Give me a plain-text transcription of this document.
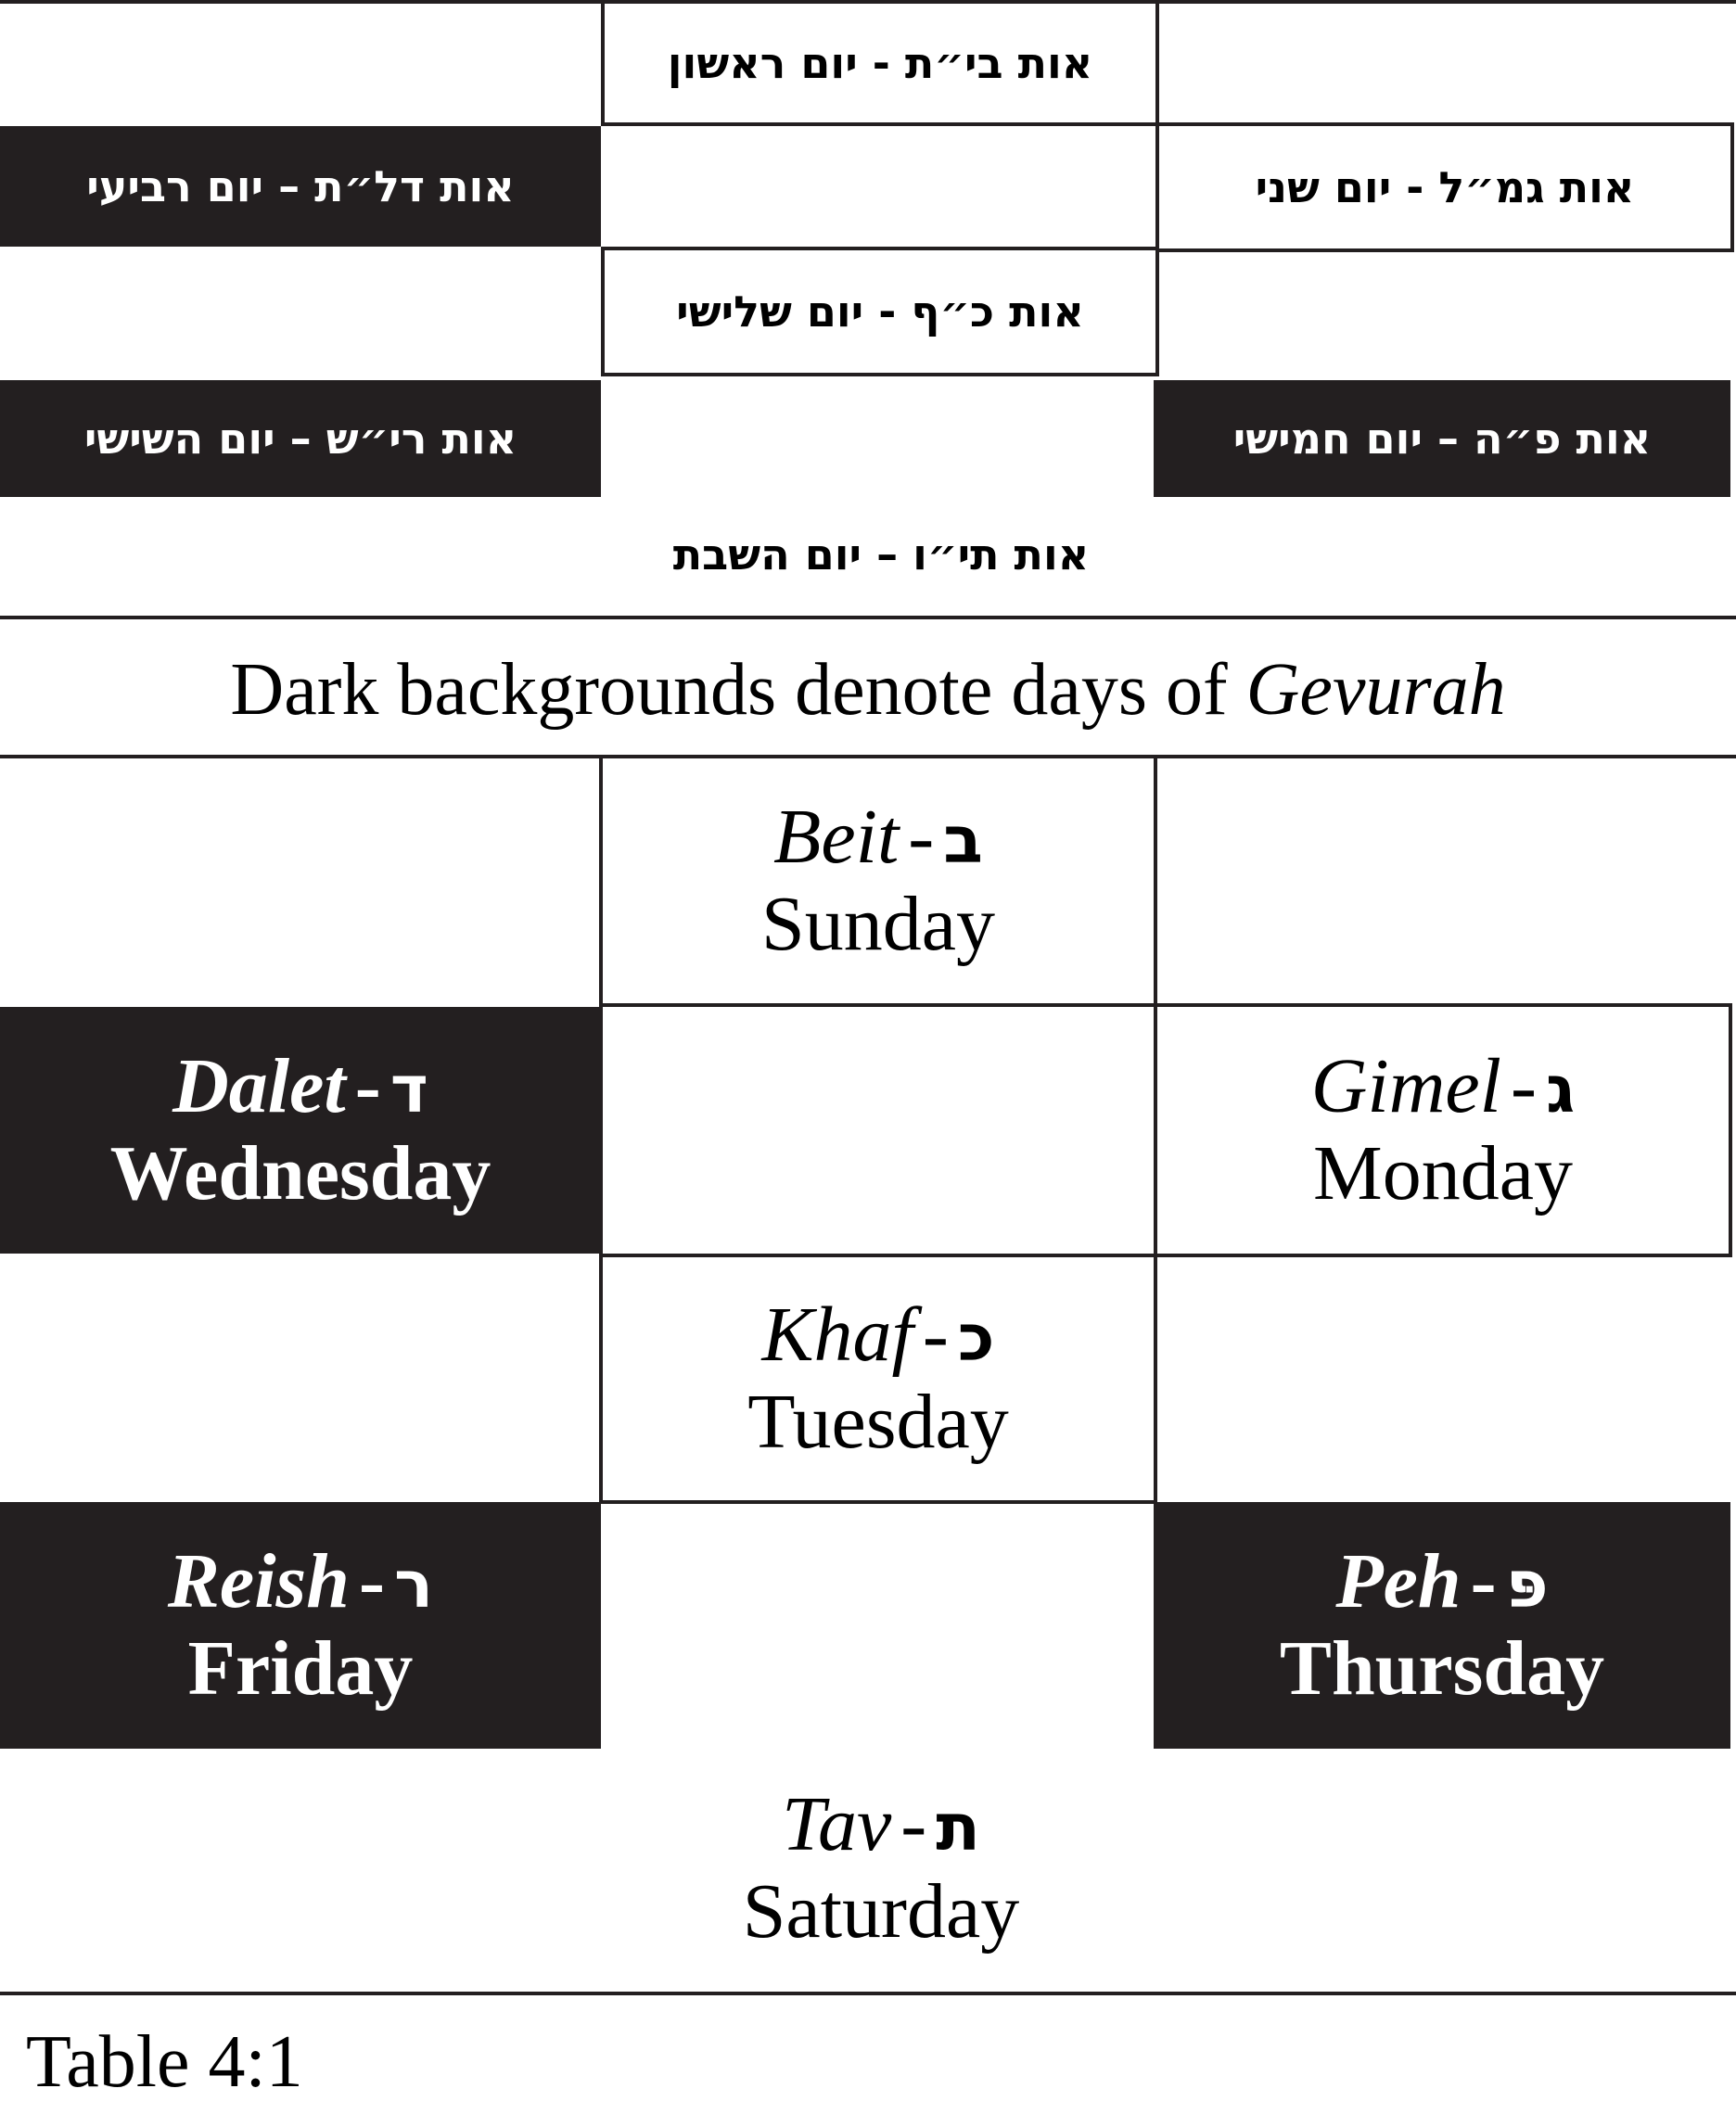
אות בי״ת - יום ראשון
אות דל״ת – יום רביעי	אות גמ״ל - יום שני
אות כ״ף - יום שלישי
אות רי״ש – יום השישי	אות פ״ה – יום חמישי
אות תי״ו – יום השבת
Dark backgrounds denote days of Gevurah
Beit - ב
Sunday
Dalet - ד
Wednesday
Gimel - ג
Monday
Khaf - כ
Tuesday
Reish - ר
Friday
Peh - פּ
Thursday
Tav - ת
Saturday
Table 4:1
